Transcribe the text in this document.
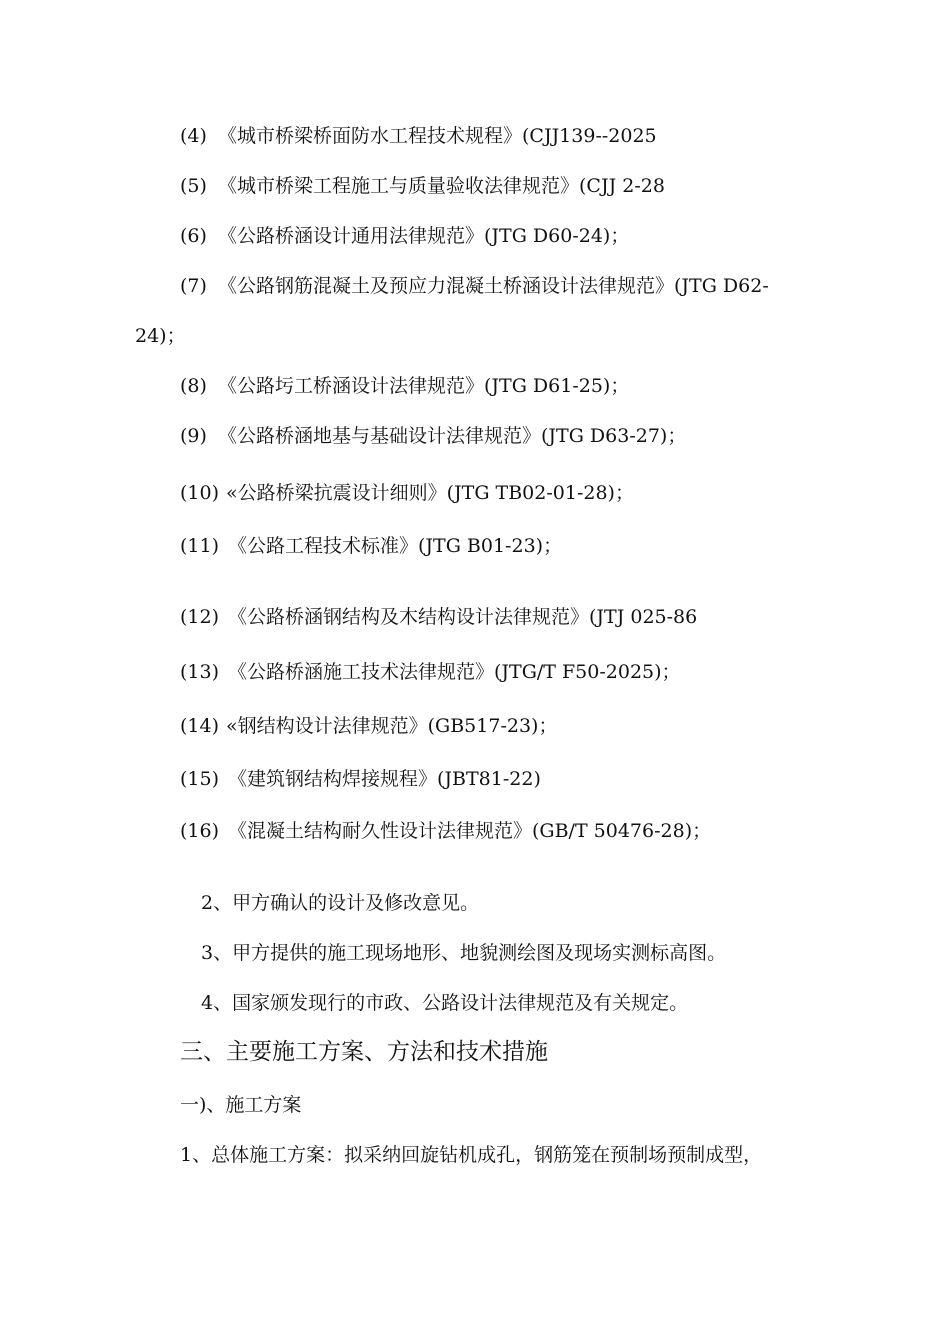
(4) 《城市桥梁桥面防水工程技术规程》(CJJ139--2025
(5) 《城市桥梁工程施工与质量验收法律规范》(CJJ 2-28
(6) 《公路桥涵设计通用法律规范》(JTG D60-24)；
(7) 《公路钢筋混凝土及预应力混凝土桥涵设计法律规范》(JTG D62-
24)；
(8) 《公路圬工桥涵设计法律规范》(JTG D61-25)；
(9) 《公路桥涵地基与基础设计法律规范》(JTG D63-27)；
(10) «公路桥梁抗震设计细则》(JTG TB02-01-28)；
(11) 《公路工程技术标准》(JTG B01-23)；
(12) 《公路桥涵钢结构及木结构设计法律规范》(JTJ 025-86
(13) 《公路桥涵施工技术法律规范》(JTG/T F50-2025)；
(14) «钢结构设计法律规范》(GB517-23)；
(15) 《建筑钢结构焊接规程》(JBT81-22)
(16) 《混凝土结构耐久性设计法律规范》(GB/T 50476-28)；
2、甲方确认的设计及修改意见。
3、甲方提供的施工现场地形、地貌测绘图及现场实测标高图。
4、国家颁发现行的市政、公路设计法律规范及有关规定。
三、主要施工方案、方法和技术措施
一)、施工方案
1、总体施工方案：拟采纳回旋钻机成孔，钢筋笼在预制场预制成型，
